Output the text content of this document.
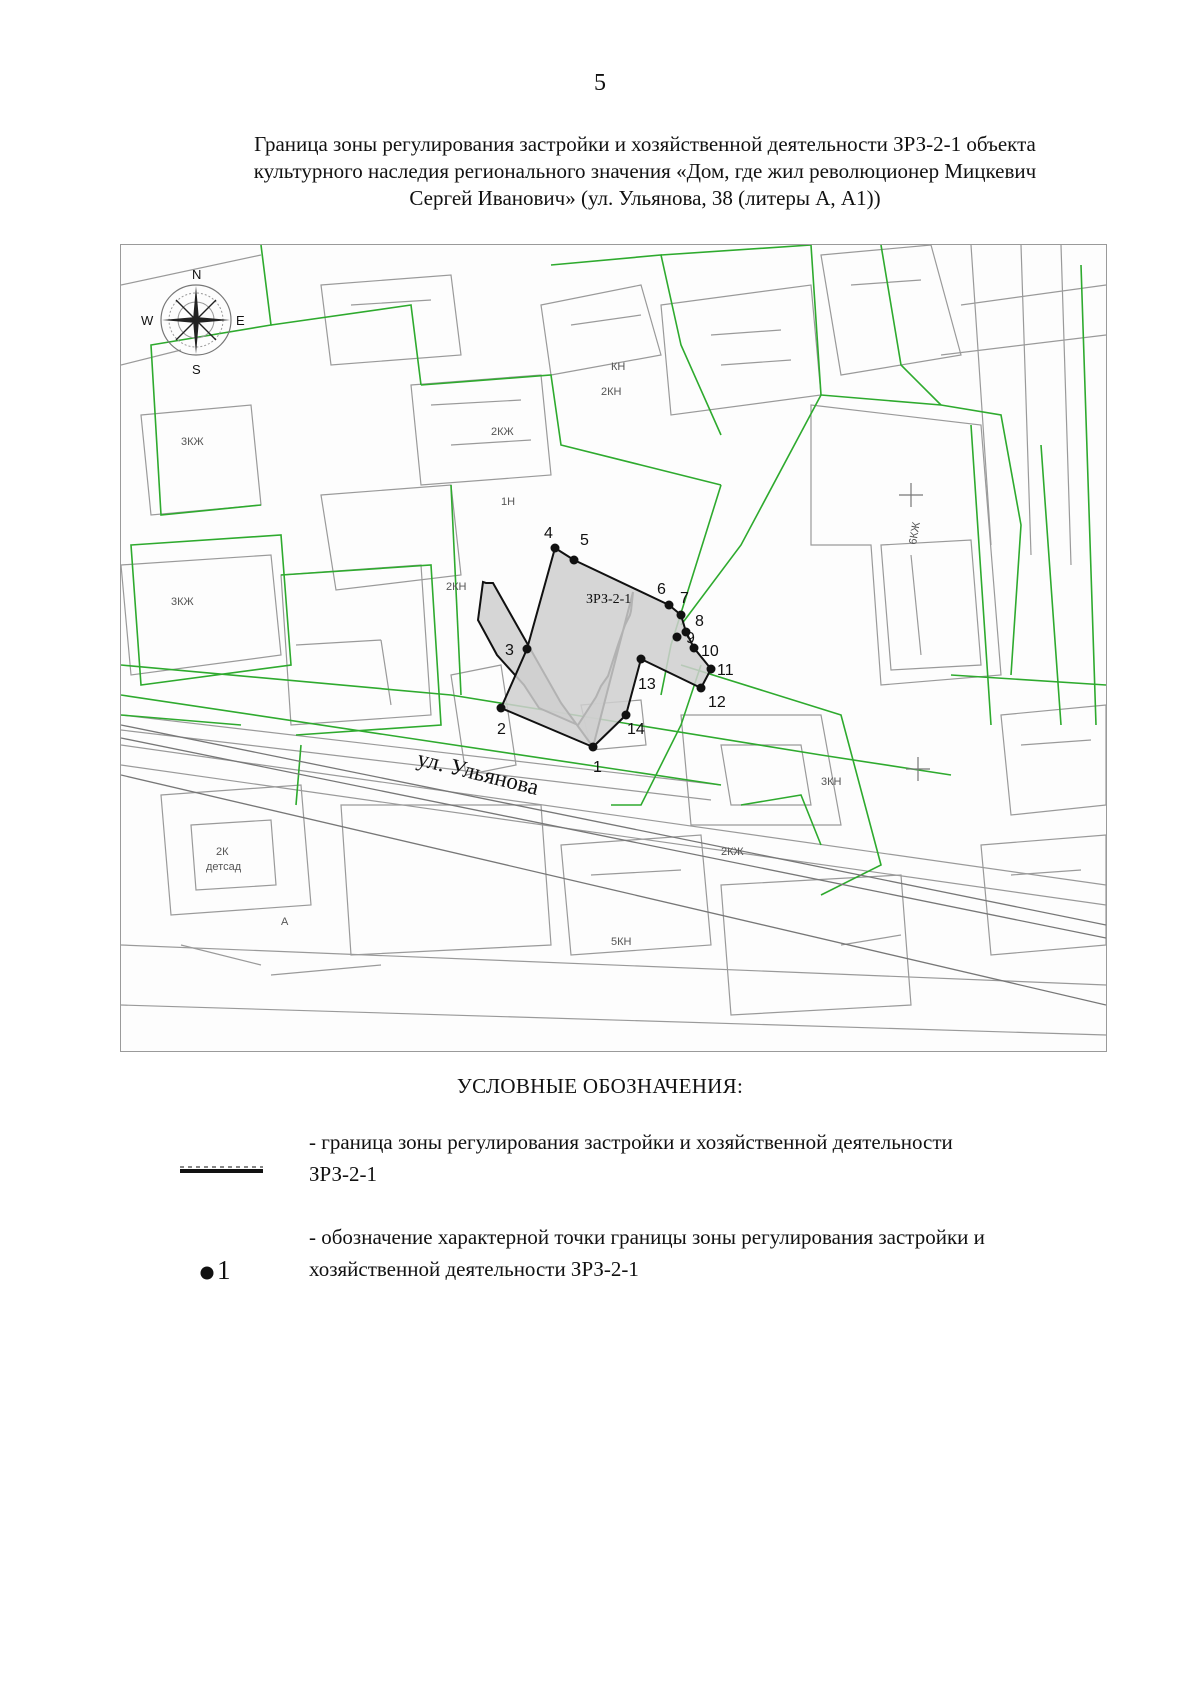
5
Граница зоны регулирования застройки и хозяйственной деятельности ЗРЗ-2-1 объекта
культурного наследия регионального значения «Дом, где жил революционер Мицкевич
Сергей Иванович» (ул. Ульянова, 38 (литеры А, А1))
ул. Ульянова
3КЖ
3КЖ
2КЖ
6КЖ
2КН
5КН
3КН
2К
детсад
1Н
2КН
2КЖ
КН
А
N
S
E
W
ЗРЗ-2-1
1
2
3
4 5
6
7
8
9
10
11
12
13
14
УСЛОВНЫЕ ОБОЗНАЧЕНИЯ:
- граница зоны регулирования застройки и хозяйственной деятельности
ЗРЗ-2-1
1
- обозначение характерной точки границы зоны регулирования застройки и
хозяйственной деятельности ЗРЗ-2-1
